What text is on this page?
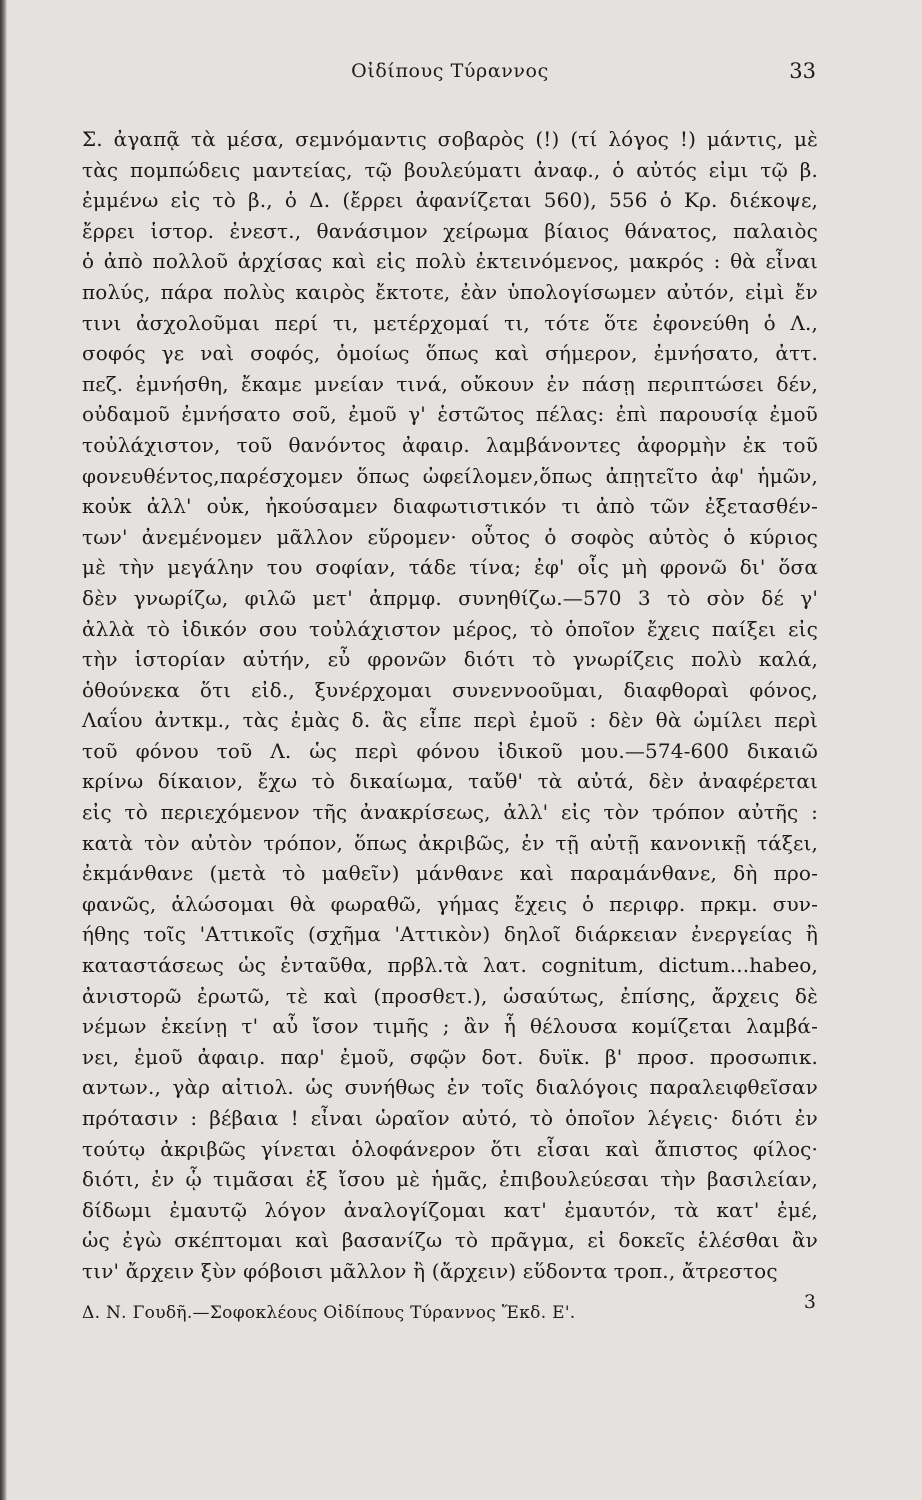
Οἰδίπους Τύραννος	33
Σ. ἀγαπᾷ τὰ μέσα, σεμνόμαντις σοβαρὸς (!) (τί λόγος !) μάντις, μὲ
τὰς πομπώδεις μαντείας, τῷ βουλεύματι ἀναφ., ὁ αὐτός εἰμι τῷ β.
ἐμμένω εἰς τὸ β., ὁ Δ. (ἔρρει ἀφανίζεται 560), 556 ὁ Κρ. διέκοψε,
ἔρρει ἱστορ. ἐνεστ., θανάσιμον χείρωμα βίαιος θάνατος, παλαιὸς
ὁ ἀπὸ πολλοῦ ἀρχίσας καὶ εἰς πολὺ ἐκτεινόμενος, μακρός : θὰ εἶναι
πολύς, πάρα πολὺς καιρὸς ἔκτοτε, ἐὰν ὑπολογίσωμεν αὐτόν, εἰμὶ ἔν
τινι ἀσχολοῦμαι περί τι, μετέρχομαί τι, τότε ὅτε ἐφονεύθη ὁ Λ.,
σοφός γε ναὶ σοφός, ὁμοίως ὅπως καὶ σήμερον, ἐμνήσατο, ἀττ.
πεζ. ἐμνήσθη, ἔκαμε μνείαν τινά, οὔκουν ἐν πάσῃ περιπτώσει δέν,
οὐδαμοῦ ἐμνήσατο σοῦ, ἐμοῦ γ' ἑστῶτος πέλας: ἐπὶ παρουσίᾳ ἐμοῦ
τοὐλάχιστον, τοῦ θανόντος ἀφαιρ. λαμβάνοντες ἀφορμὴν ἐκ τοῦ
φονευθέντος,παρέσχομεν ὅπως ὠφείλομεν,ὅπως ἀπῃτεῖτο ἀφ' ἡμῶν,
κοὐκ ἀλλ' οὐκ, ἠκούσαμεν διαφωτιστικόν τι ἀπὸ τῶν ἐξετασθέν-
των' ἀνεμένομεν μᾶλλον εὕρομεν· οὗτος ὁ σοφὸς αὐτὸς ὁ κύριος
μὲ τὴν μεγάλην του σοφίαν, τάδε τίνα; ἐφ' οἷς μὴ φρονῶ δι' ὅσα
δὲν γνωρίζω, φιλῶ μετ' ἀπρμφ. συνηθίζω.—570 3 τὸ σὸν δέ γ'
ἀλλὰ τὸ ἰδικόν σου τοὐλάχιστον μέρος, τὸ ὁποῖον ἔχεις παίξει εἰς
τὴν ἱστορίαν αὐτήν, εὖ φρονῶν διότι τὸ γνωρίζεις πολὺ καλά,
ὁθούνεκα ὅτι εἰδ., ξυνέρχομαι συνεννοοῦμαι, διαφθοραὶ φόνος,
Λαΐου ἀντκμ., τὰς ἐμὰς δ. ἃς εἶπε περὶ ἐμοῦ : δὲν θὰ ὡμίλει περὶ
τοῦ φόνου τοῦ Λ. ὡς περὶ φόνου ἰδικοῦ μου.—574-600 δικαιῶ
κρίνω δίκαιον, ἔχω τὸ δικαίωμα, ταὔθ' τὰ αὐτά, δὲν ἀναφέρεται
εἰς τὸ περιεχόμενον τῆς ἀνακρίσεως, ἀλλ' εἰς τὸν τρόπον αὐτῆς :
κατὰ τὸν αὐτὸν τρόπον, ὅπως ἀκριβῶς, ἐν τῇ αὐτῇ κανονικῇ τάξει,
ἐκμάνθανε (μετὰ τὸ μαθεῖν) μάνθανε καὶ παραμάνθανε, δὴ προ-
φανῶς, ἁλώσομαι θὰ φωραθῶ, γήμας ἔχεις ὁ περιφρ. πρκμ. συν-
ήθης τοῖς 'Αττικοῖς (σχῆμα 'Αττικὸν) δηλοῖ διάρκειαν ἐνεργείας ἢ
καταστάσεως ὡς ἐνταῦθα, πρβλ.τὰ λατ. cognitum, dictum...habeo,
ἀνιστορῶ ἐρωτῶ, τὲ καὶ (προσθετ.), ὡσαύτως, ἐπίσης, ἄρχεις δὲ
νέμων ἐκείνῃ τ' αὖ ἴσον τιμῆς ; ἂν ἧ θέλουσα κομίζεται λαμβά-
νει, ἐμοῦ ἀφαιρ. παρ' ἐμοῦ, σφῷν δοτ. δυϊκ. β' προσ. προσωπικ.
αντων., γὰρ αἰτιολ. ὡς συνήθως ἐν τοῖς διαλόγοις παραλειφθεῖσαν
πρότασιν : βέβαια ! εἶναι ὡραῖον αὐτό, τὸ ὁποῖον λέγεις· διότι ἐν
τούτῳ ἀκριβῶς γίνεται ὁλοφάνερον ὅτι εἶσαι καὶ ἄπιστος φίλος·
διότι, ἐν ᾧ τιμᾶσαι ἐξ ἴσου μὲ ἡμᾶς, ἐπιβουλεύεσαι τὴν βασιλείαν,
δίδωμι ἐμαυτῷ λόγον ἀναλογίζομαι κατ' ἐμαυτόν, τὰ κατ' ἐμέ,
ὡς ἐγὼ σκέπτομαι καὶ βασανίζω τὸ πρᾶγμα, εἰ δοκεῖς ἑλέσθαι ἂν
τιν' ἄρχειν ξὺν φόβοισι μᾶλλον ἢ (ἄρχειν) εὕδοντα τροπ., ἄτρεστος
Δ. Ν. Γουδῆ.—Σοφοκλέους Οἰδίπους Τύραννος Ἔκδ. Ε'.	3
